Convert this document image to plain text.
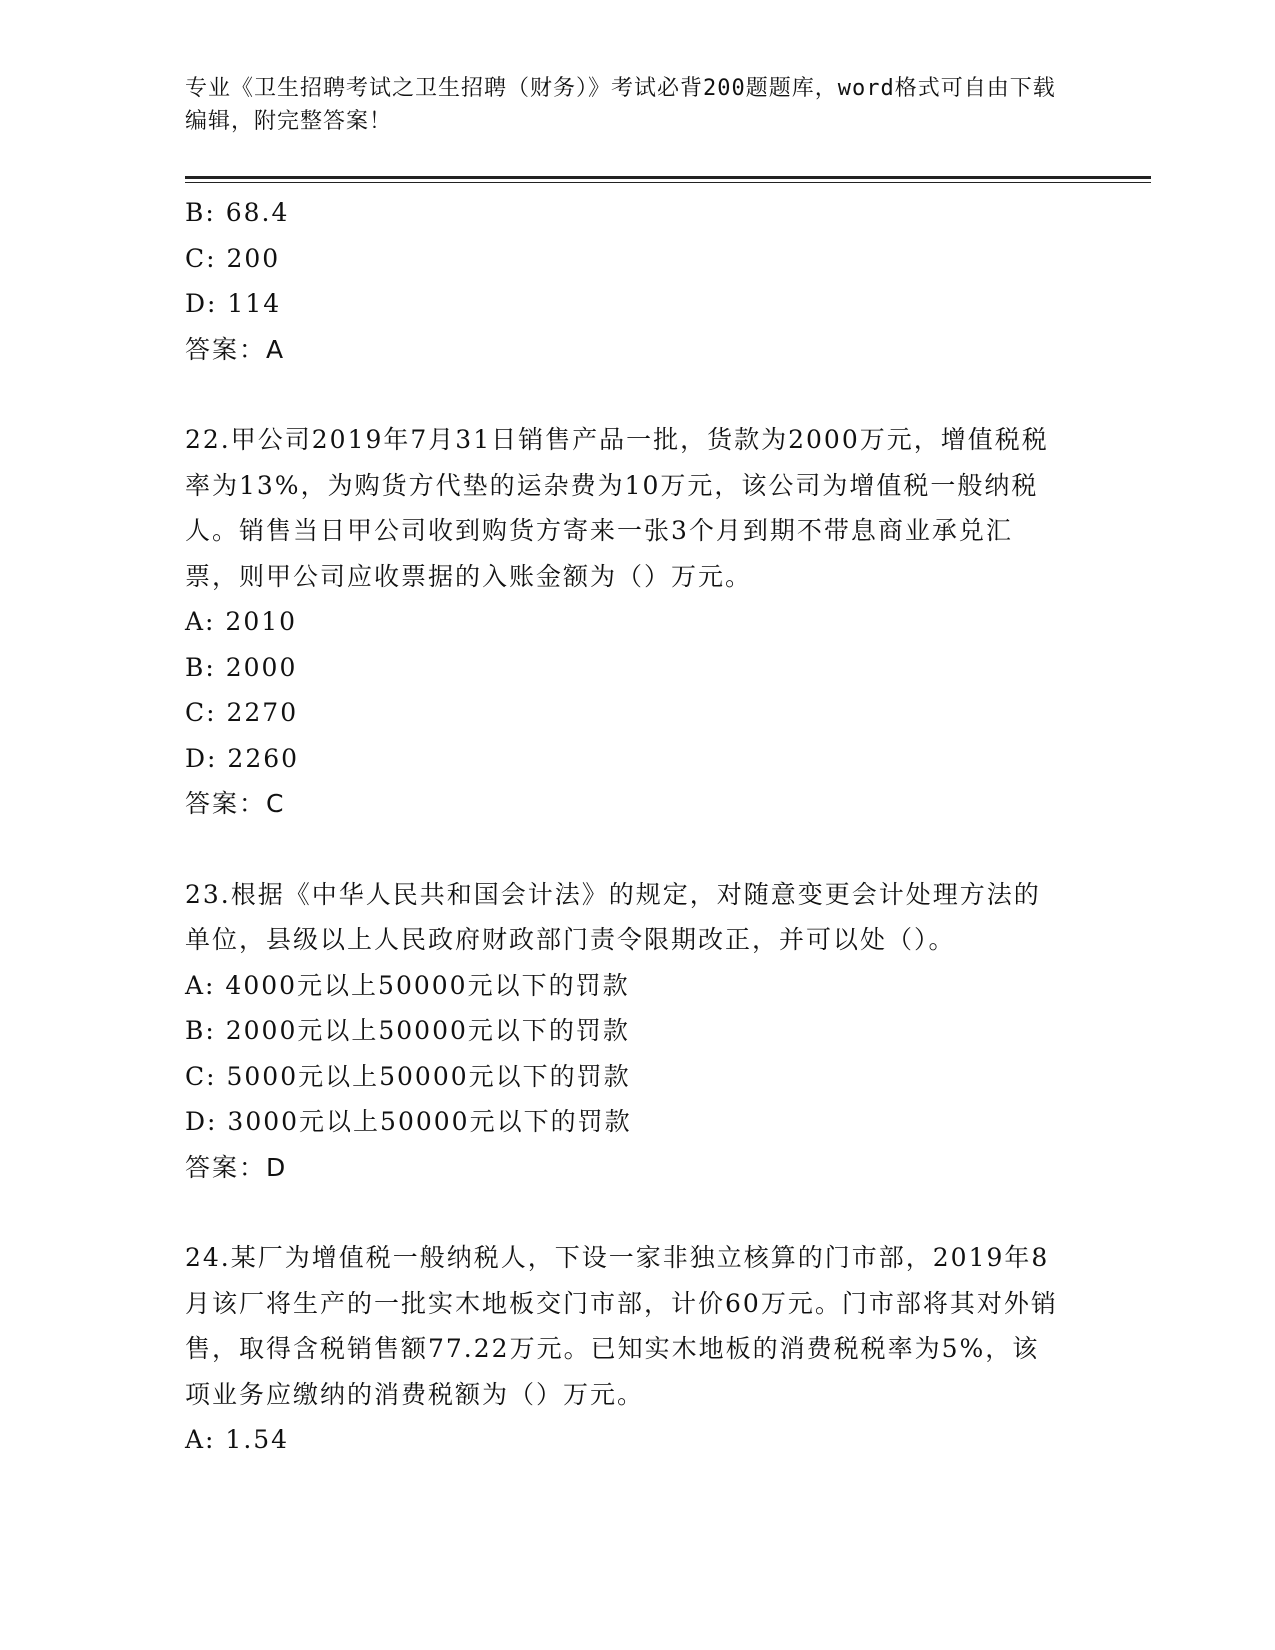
专业《卫生招聘考试之卫生招聘（财务）》考试必背200题题库，word格式可自由下载编辑，附完整答案！
B: 68.4
C: 200
D: 114
答案：A
22.甲公司2019年7月31日销售产品一批，货款为2000万元，增值税税率为13%，为购货方代垫的运杂费为10万元，该公司为增值税一般纳税人。销售当日甲公司收到购货方寄来一张3个月到期不带息商业承兑汇票，则甲公司应收票据的入账金额为（）万元。
A: 2010
B: 2000
C: 2270
D: 2260
答案：C
23.根据《中华人民共和国会计法》的规定，对随意变更会计处理方法的单位，县级以上人民政府财政部门责令限期改正，并可以处（）。
A: 4000元以上50000元以下的罚款
B: 2000元以上50000元以下的罚款
C: 5000元以上50000元以下的罚款
D: 3000元以上50000元以下的罚款
答案：D
24.某厂为增值税一般纳税人，下设一家非独立核算的门市部，2019年8月该厂将生产的一批实木地板交门市部，计价60万元。门市部将其对外销售，取得含税销售额77.22万元。已知实木地板的消费税税率为5%，该项业务应缴纳的消费税额为（）万元。
A: 1.54
